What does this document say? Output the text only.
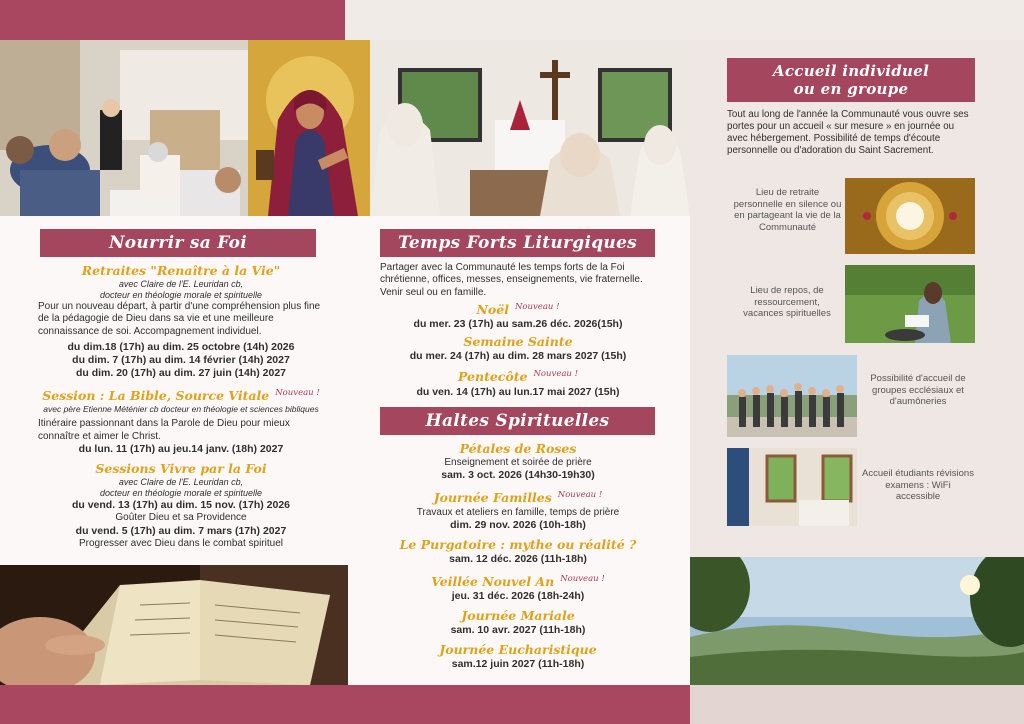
Nourrir sa Foi
Retraites "Renaître à la Vie"
avec Claire de l'E. Leuridan cb,
docteur en théologie morale et spirituelle
Pour un nouveau départ, à partir d'une compréhension plus fine de la pédagogie de Dieu dans sa vie et une meilleure connaissance de soi. Accompagnement individuel.
du dim.18 (17h) au dim. 25 octobre (14h) 2026
du dim. 7 (17h) au dim. 14 février (14h) 2027
du dim. 20 (17h) au dim. 27 juin (14h) 2027
Session : La Bible, Source Vitale $^{Nouveau !}$
avec père Etienne Méténier cb docteur en théologie et sciences bibliques
Itinéraire passionnant dans la Parole de Dieu pour mieux connaître et aimer le Christ.
du lun. 11 (17h) au jeu.14 janv. (18h) 2027
Sessions Vivre par la Foi
avec Claire de l'E. Leuridan cb,
docteur en théologie morale et spirituelle
du vend. 13 (17h) au dim. 15 nov. (17h) 2026
Goûter Dieu et sa Providence
du vend. 5 (17h) au dim. 7 mars (17h) 2027
Progresser avec Dieu dans le combat spirituel
Temps Forts Liturgiques
Partager avec la Communauté les temps forts de la Foi chrétienne, offices, messes, enseignements, vie fraternelle. Venir seul ou en famille.
Noël $^{Nouveau !}$
du mer. 23 (17h) au sam.26 déc. 2026(15h)
Semaine Sainte
du mer. 24 (17h) au dim. 28 mars 2027 (15h)
Pentecôte $^{Nouveau !}$
du ven. 14 (17h) au lun.17 mai 2027 (15h)
Haltes Spirituelles
Pétales de Roses
Enseignement et soirée de prière
sam. 3 oct. 2026 (14h30-19h30)
Journée Familles $^{Nouveau !}$
Travaux et ateliers en famille, temps de prière
dim. 29 nov. 2026 (10h-18h)
Le Purgatoire : mythe ou réalité ?
sam. 12 déc. 2026 (11h-18h)
Veillée Nouvel An $^{Nouveau !}$
jeu. 31 déc. 2026 (18h-24h)
Journée Mariale
sam. 10 avr. 2027 (11h-18h)
Journée Eucharistique
sam.12 juin 2027 (11h-18h)
Accueil individuel
ou en groupe
Tout au long de l'année la Communauté vous ouvre ses portes pour un accueil « sur mesure » en journée ou avec hébergement. Possibilité de temps d'écoute personnelle ou d'adoration du Saint Sacrement.
Lieu de retraite personnelle en silence ou en partageant la vie de la Communauté
Lieu de repos, de ressourcement, vacances spirituelles
Possibilité d'accueil de groupes ecclésiaux et d'aumôneries
Accueil étudiants révisions examens : WiFi accessible
